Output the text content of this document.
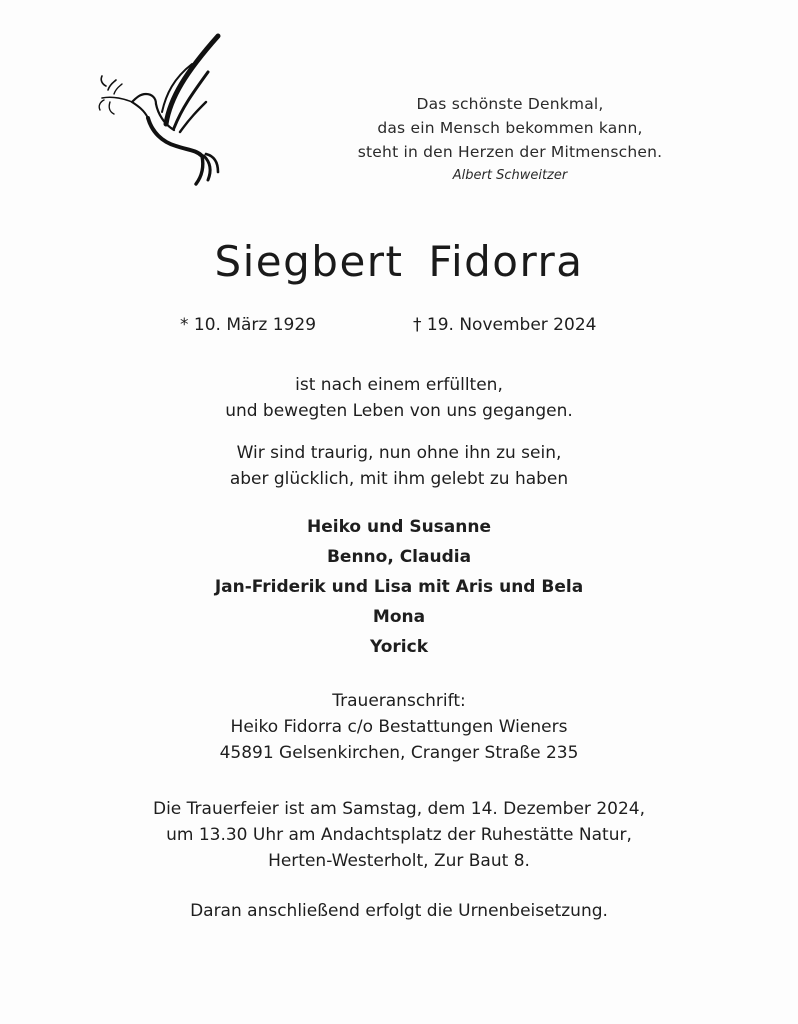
Das schönste Denkmal,
das ein Mensch bekommen kann,
steht in den Herzen der Mitmenschen.
Albert Schweitzer
Siegbert Fidorra
* 10. März 1929	† 19. November 2024
ist nach einem erfüllten,
und bewegten Leben von uns gegangen.
Wir sind traurig, nun ohne ihn zu sein,
aber glücklich, mit ihm gelebt zu haben
Heiko und Susanne
Benno, Claudia
Jan-Friderik und Lisa mit Aris und Bela
Mona
Yorick
Traueranschrift:
Heiko Fidorra c/o Bestattungen Wieners
45891 Gelsenkirchen, Cranger Straße 235
Die Trauerfeier ist am Samstag, dem 14. Dezember 2024,
um 13.30 Uhr am Andachtsplatz der Ruhestätte Natur,
Herten-Westerholt, Zur Baut 8.
Daran anschließend erfolgt die Urnenbeisetzung.
